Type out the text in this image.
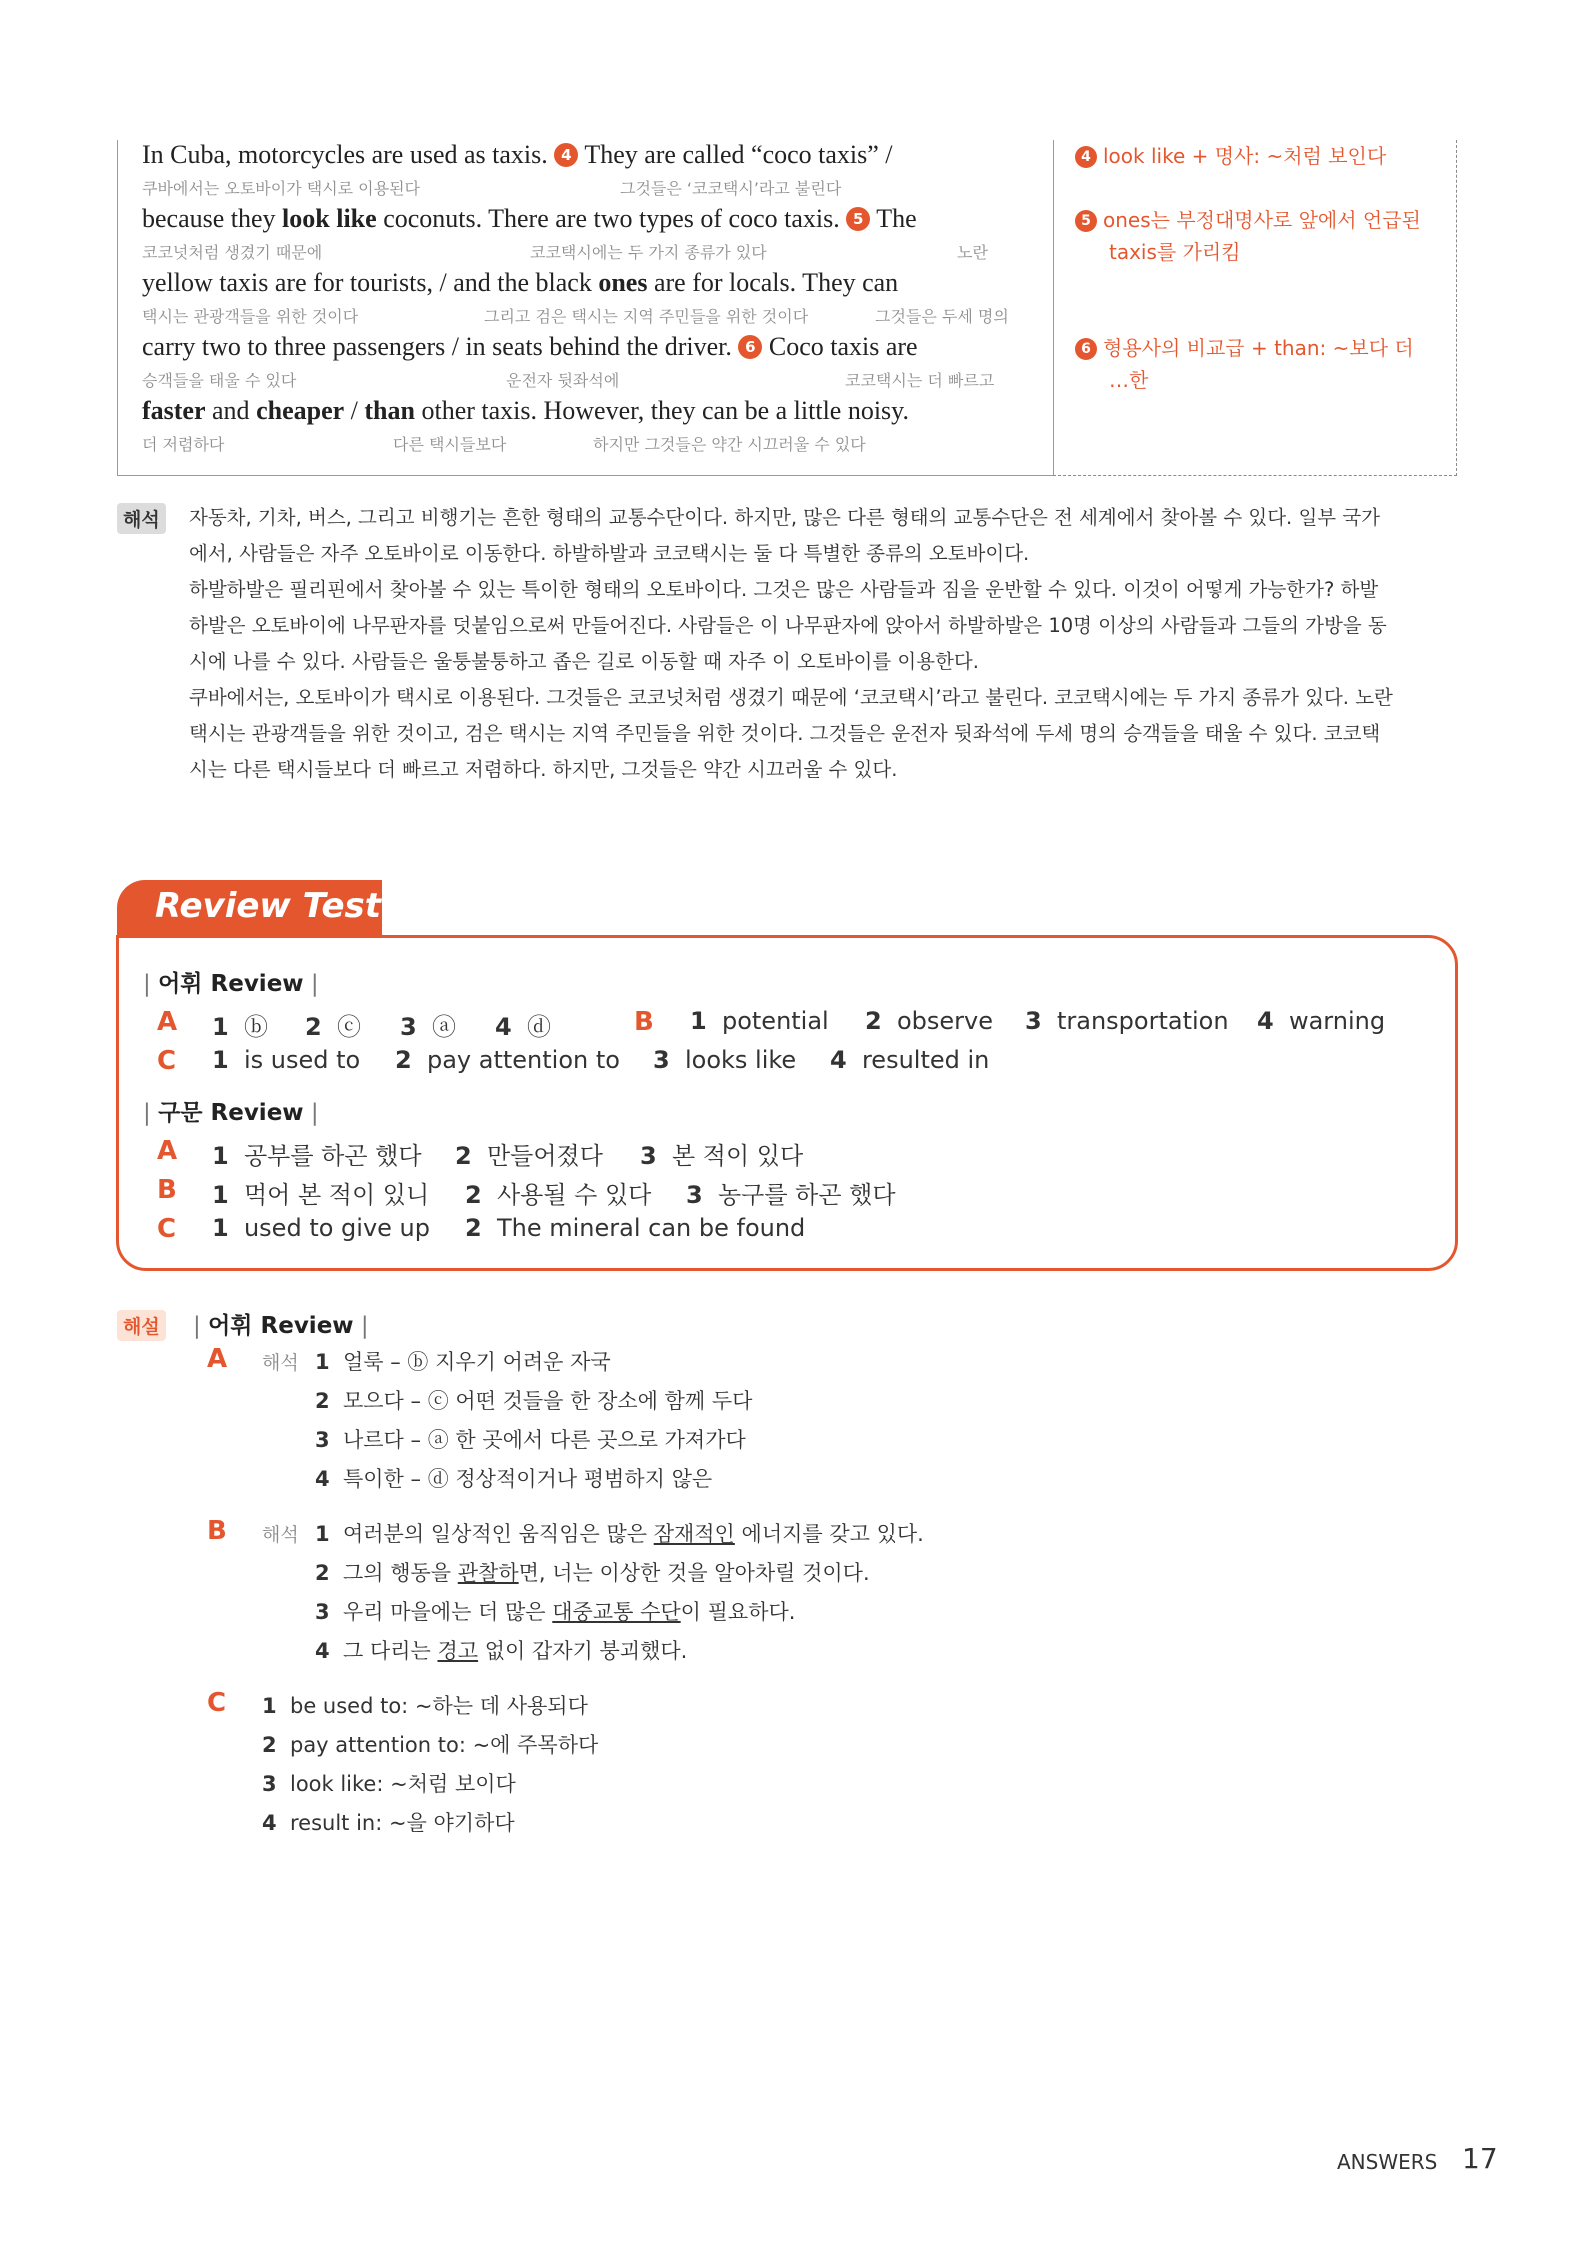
In Cuba, motorcycles are used as taxis. 4 They are called “coco taxis” /
쿠바에서는 오토바이가 택시로 이용된다	그것들은 ‘코코택시’라고 불린다
because they look like coconuts. There are two types of coco taxis. 5 The
코코넛처럼 생겼기 때문에	코코택시에는 두 가지 종류가 있다	노란
yellow taxis are for tourists, / and the black ones are for locals. They can
택시는 관광객들을 위한 것이다	그리고 검은 택시는 지역 주민들을 위한 것이다	그것들은 두세 명의
carry two to three passengers / in seats behind the driver. 6 Coco taxis are
승객들을 태울 수 있다	운전자 뒷좌석에	코코택시는 더 빠르고
faster and cheaper / than other taxis. However, they can be a little noisy.
더 저렴하다	다른 택시들보다	하지만 그것들은 약간 시끄러울 수 있다
4 look like + 명사: ~처럼 보인다
5 ones는 부정대명사로 앞에서 언급된
taxis를 가리킴
6 형용사의 비교급 + than: ~보다 더
…한
해석	자동차, 기차, 버스, 그리고 비행기는 흔한 형태의 교통수단이다. 하지만, 많은 다른 형태의 교통수단은 전 세계에서 찾아볼 수 있다. 일부 국가
에서, 사람들은 자주 오토바이로 이동한다. 하발하발과 코코택시는 둘 다 특별한 종류의 오토바이다.
하발하발은 필리핀에서 찾아볼 수 있는 특이한 형태의 오토바이다. 그것은 많은 사람들과 짐을 운반할 수 있다. 이것이 어떻게 가능한가? 하발
하발은 오토바이에 나무판자를 덧붙임으로써 만들어진다. 사람들은 이 나무판자에 앉아서 하발하발은 10명 이상의 사람들과 그들의 가방을 동
시에 나를 수 있다. 사람들은 울퉁불퉁하고 좁은 길로 이동할 때 자주 이 오토바이를 이용한다.
쿠바에서는, 오토바이가 택시로 이용된다. 그것들은 코코넛처럼 생겼기 때문에 ‘코코택시’라고 불린다. 코코택시에는 두 가지 종류가 있다. 노란
택시는 관광객들을 위한 것이고, 검은 택시는 지역 주민들을 위한 것이다. 그것들은 운전자 뒷좌석에 두세 명의 승객들을 태울 수 있다. 코코택
시는 다른 택시들보다 더 빠르고 저렴하다. 하지만, 그것들은 약간 시끄러울 수 있다.
Review Test
| 어휘 Review |
A 1 ⓑ 2 ⓒ 3 ⓐ 4 ⓓ	B 1 potential 2 observe 3 transportation 4 warning
C 1 is used to 2 pay attention to 3 looks like 4 resulted in
| 구문 Review |
A 1 공부를 하곤 했다 2 만들어졌다 3 본 적이 있다
B 1 먹어 본 적이 있니 2 사용될 수 있다 3 농구를 하곤 했다
C 1 used to give up 2 The mineral can be found
해설 | 어휘 Review |
A 해석 1 얼룩 – ⓑ 지우기 어려운 자국
2 모으다 – ⓒ 어떤 것들을 한 장소에 함께 두다
3 나르다 – ⓐ 한 곳에서 다른 곳으로 가져가다
4 특이한 – ⓓ 정상적이거나 평범하지 않은
B 해석 1 여러분의 일상적인 움직임은 많은 잠재적인 에너지를 갖고 있다.
2 그의 행동을 관찰하면, 너는 이상한 것을 알아차릴 것이다.
3 우리 마을에는 더 많은 대중교통 수단이 필요하다.
4 그 다리는 경고 없이 갑자기 붕괴했다.
C 1 be used to: ~하는 데 사용되다
2 pay attention to: ~에 주목하다
3 look like: ~처럼 보이다
4 result in: ~을 야기하다
ANSWERS 17
